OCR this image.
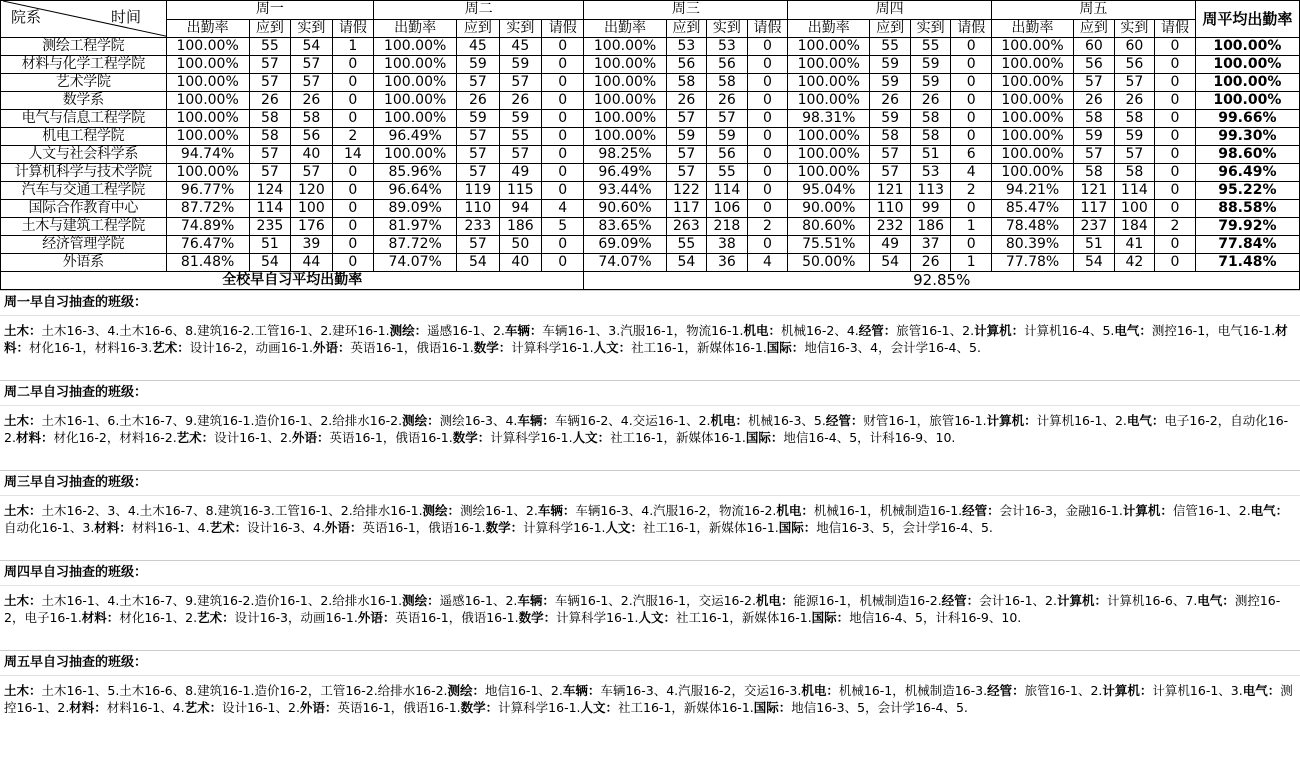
院系 时间	周一				周二				周三				周四				周五				周平均出勤率
	出勤率	应到	实到	请假	出勤率	应到	实到	请假	出勤率	应到	实到	请假	出勤率	应到	实到	请假	出勤率	应到	实到	请假	
测绘工程学院	100.00%	55	54	1	100.00%	45	45	0	100.00%	53	53	0	100.00%	55	55	0	100.00%	60	60	0	100.00%
材料与化学工程学院	100.00%	57	57	0	100.00%	59	59	0	100.00%	56	56	0	100.00%	59	59	0	100.00%	56	56	0	100.00%
艺术学院	100.00%	57	57	0	100.00%	57	57	0	100.00%	58	58	0	100.00%	59	59	0	100.00%	57	57	0	100.00%
数学系	100.00%	26	26	0	100.00%	26	26	0	100.00%	26	26	0	100.00%	26	26	0	100.00%	26	26	0	100.00%
电气与信息工程学院	100.00%	58	58	0	100.00%	59	59	0	100.00%	57	57	0	98.31%	59	58	0	100.00%	58	58	0	99.66%
机电工程学院	100.00%	58	56	2	96.49%	57	55	0	100.00%	59	59	0	100.00%	58	58	0	100.00%	59	59	0	99.30%
人文与社会科学系	94.74%	57	40	14	100.00%	57	57	0	98.25%	57	56	0	100.00%	57	51	6	100.00%	57	57	0	98.60%
计算机科学与技术学院	100.00%	57	57	0	85.96%	57	49	0	96.49%	57	55	0	100.00%	57	53	4	100.00%	58	58	0	96.49%
汽车与交通工程学院	96.77%	124	120	0	96.64%	119	115	0	93.44%	122	114	0	95.04%	121	113	2	94.21%	121	114	0	95.22%
国际合作教育中心	87.72%	114	100	0	89.09%	110	94	4	90.60%	117	106	0	90.00%	110	99	0	85.47%	117	100	0	88.58%
土木与建筑工程学院	74.89%	235	176	0	81.97%	233	186	5	83.65%	263	218	2	80.60%	232	186	1	78.48%	237	184	2	79.92%
经济管理学院	76.47%	51	39	0	87.72%	57	50	0	69.09%	55	38	0	75.51%	49	37	0	80.39%	51	41	0	77.84%
外语系	81.48%	54	44	0	74.07%	54	40	0	74.07%	54	36	4	50.00%	54	26	1	77.78%	54	42	0	71.48%
全校早自习平均出勤率									92.85%												
周一早自习抽查的班级：
土木：土木16-3、4.土木16-6、8.建筑16-2.工管16-1、2.建环16-1.测绘：遥感16-1、2.车辆：车辆16-1、3.汽服16-1，物流16-1.机电：机械16-2、4.经管：旅管16-1、2.计算机：计算机16-4、5.电气：测控16-1，电气16-1.材料：材化16-1，材料16-3.艺术：设计16-2，动画16-1.外语：英语16-1，俄语16-1.数学：计算科学16-1.人文：社工16-1，新媒体16-1.国际：地信16-3、4，会计学16-4、5.
周二早自习抽查的班级：
土木：土木16-1、6.土木16-7、9.建筑16-1.造价16-1、2.给排水16-2.测绘：测绘16-3、4.车辆：车辆16-2、4.交运16-1、2.机电：机械16-3、5.经管：财管16-1，旅管16-1.计算机：计算机16-1、2.电气：电子16-2，自动化16-2.材料：材化16-2，材料16-2.艺术：设计16-1、2.外语：英语16-1，俄语16-1.数学：计算科学16-1.人文：社工16-1，新媒体16-1.国际：地信16-4、5，计科16-9、10.
周三早自习抽查的班级：
土木：土木16-2、3、4.土木16-7、8.建筑16-3.工管16-1、2.给排水16-1.测绘：测绘16-1、2.车辆：车辆16-3、4.汽服16-2，物流16-2.机电：机械16-1，机械制造16-1.经管：会计16-3，金融16-1.计算机：信管16-1、2.电气：自动化16-1、3.材料：材料16-1、4.艺术：设计16-3、4.外语：英语16-1，俄语16-1.数学：计算科学16-1.人文：社工16-1，新媒体16-1.国际：地信16-3、5，会计学16-4、5.
周四早自习抽查的班级：
土木：土木16-1、4.土木16-7、9.建筑16-2.造价16-1、2.给排水16-1.测绘：遥感16-1、2.车辆：车辆16-1、2.汽服16-1，交运16-2.机电：能源16-1，机械制造16-2.经管：会计16-1、2.计算机：计算机16-6、7.电气：测控16-2，电子16-1.材料：材化16-1、2.艺术：设计16-3，动画16-1.外语：英语16-1，俄语16-1.数学：计算科学16-1.人文：社工16-1，新媒体16-1.国际：地信16-4、5，计科16-9、10.
周五早自习抽查的班级：
土木：土木16-1、5.土木16-6、8.建筑16-1.造价16-2，工管16-2.给排水16-2.测绘：地信16-1、2.车辆：车辆16-3、4.汽服16-2，交运16-3.机电：机械16-1，机械制造16-3.经管：旅管16-1、2.计算机：计算机16-1、3.电气：测控16-1、2.材料：材料16-1、4.艺术：设计16-1、2.外语：英语16-1，俄语16-1.数学：计算科学16-1.人文：社工16-1，新媒体16-1.国际：地信16-3、5，会计学16-4、5.
